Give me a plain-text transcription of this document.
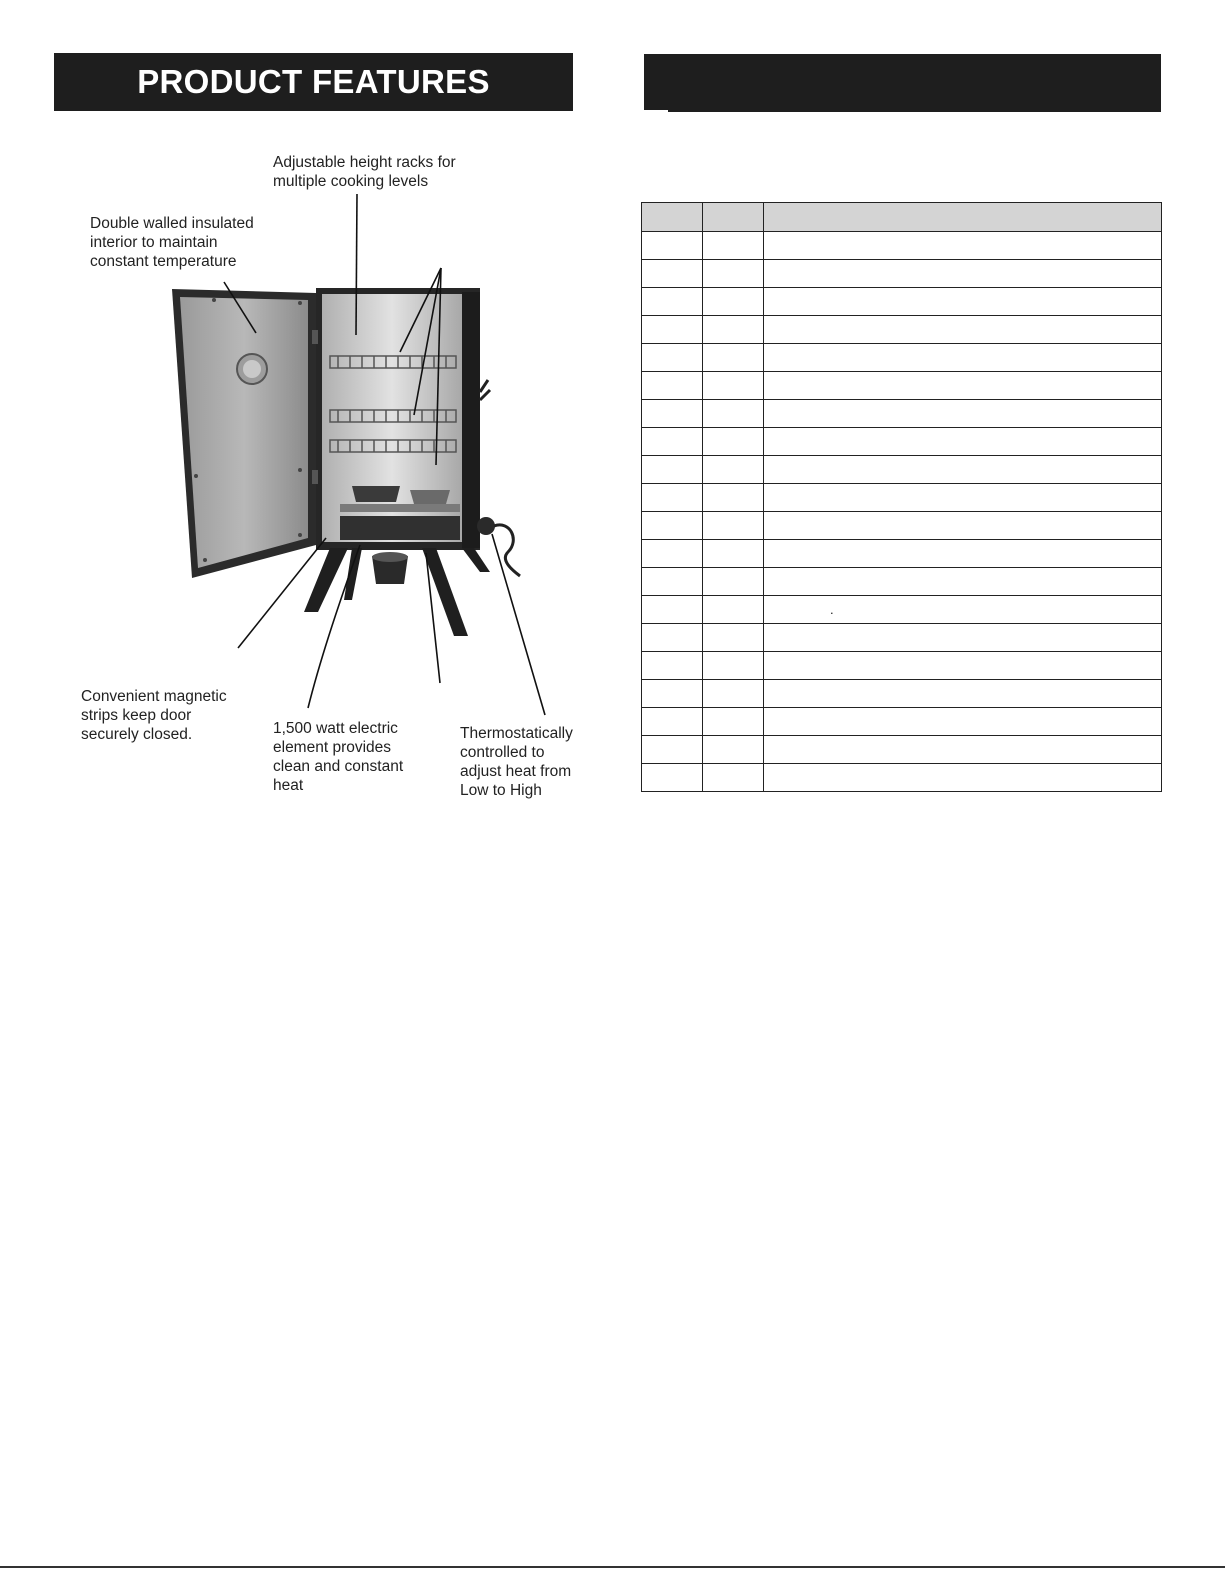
PRODUCT FEATURES

Adjustable height racks for
multiple cooking levels

Double walled insulated
interior to maintain
constant temperature

Convenient magnetic
strips keep door
securely closed.	1,500 watt electric
element provides
clean and constant
heat

Thermostatically
controlled to
adjust heat from
Low to High

		.
